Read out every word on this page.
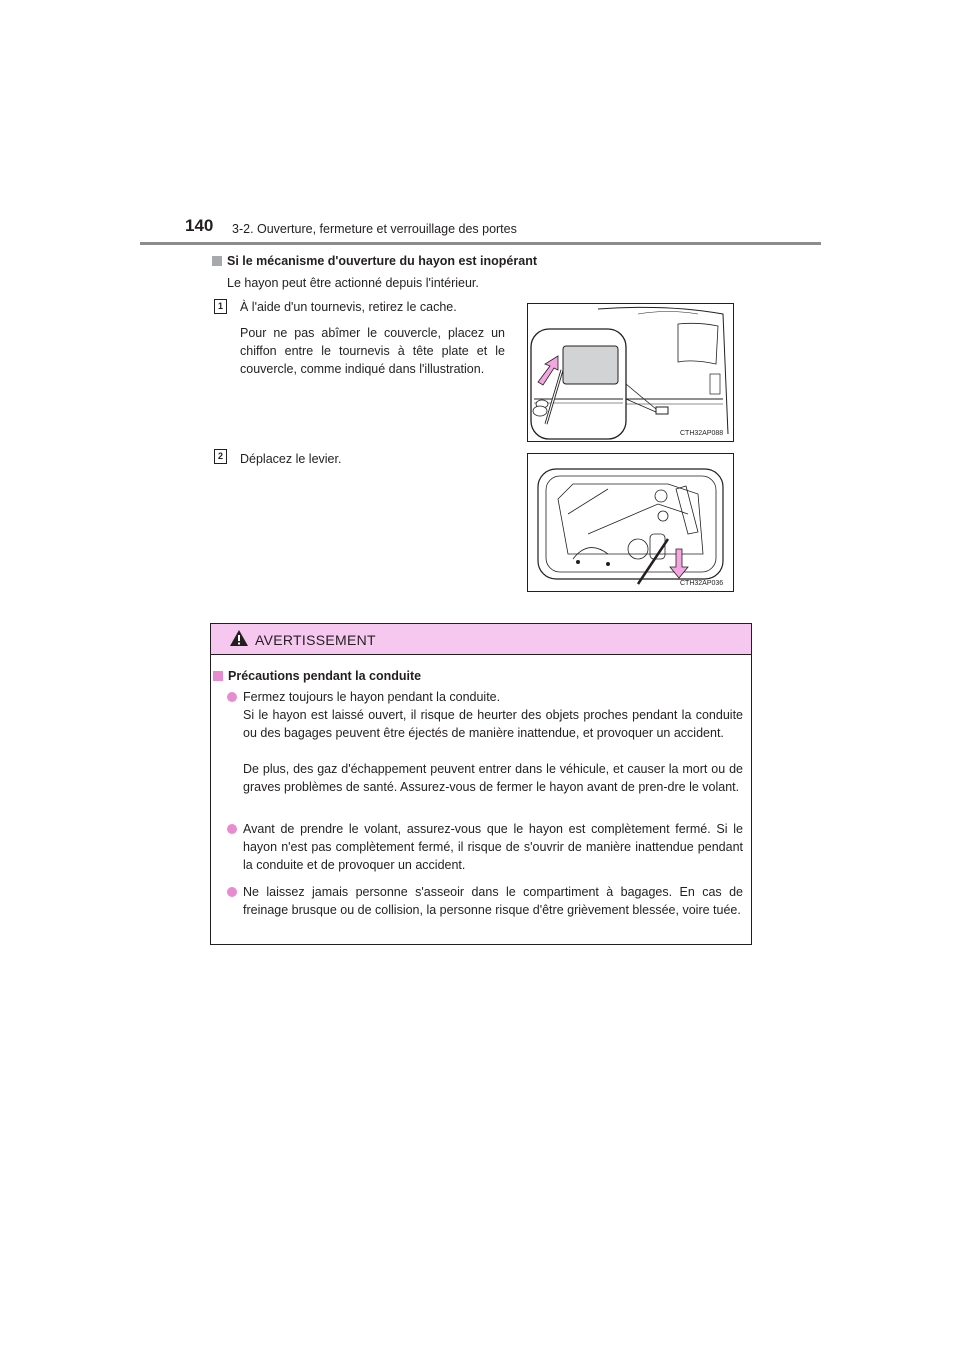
140 3-2. Ouverture, fermeture et verrouillage des portes
Si le mécanisme d'ouverture du hayon est inopérant
Le hayon peut être actionné depuis l'intérieur.
1	À l'aide d'un tournevis, retirez le cache.
Pour ne pas abîmer le couvercle, placez un chiffon entre le tournevis à tête plate et le couvercle, comme indiqué dans l'illustration.
CTH32AP088
2	Déplacez le levier.
CTH32AP036
AVERTISSEMENT
Précautions pendant la conduite
Fermez toujours le hayon pendant la conduite.
Si le hayon est laissé ouvert, il risque de heurter des objets proches pendant la conduite ou des bagages peuvent être éjectés de manière inattendue, et provoquer un accident.
De plus, des gaz d'échappement peuvent entrer dans le véhicule, et causer la mort ou de graves problèmes de santé. Assurez-vous de fermer le hayon avant de pren-dre le volant.
Avant de prendre le volant, assurez-vous que le hayon est complètement fermé. Si le hayon n'est pas complètement fermé, il risque de s'ouvrir de manière inattendue pendant la conduite et de provoquer un accident.
Ne laissez jamais personne s'asseoir dans le compartiment à bagages. En cas de freinage brusque ou de collision, la personne risque d'être grièvement blessée, voire tuée.
